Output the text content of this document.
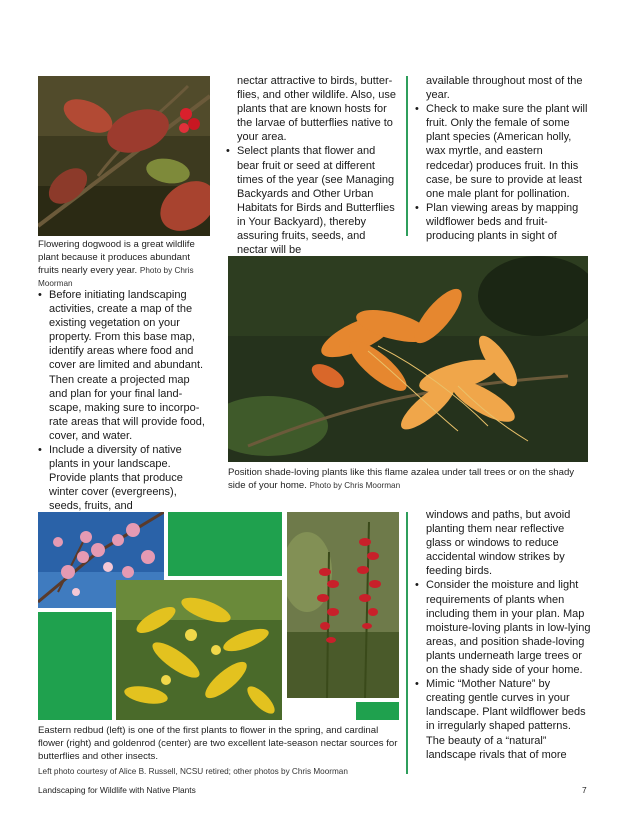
Flowering dogwood is a great wildlife plant because it produces abundant fruits nearly every year. Photo by Chris Moorman
• Before initiating landscaping activities, create a map of the existing vegetation on your property. From this base map, identify areas where food and cover are limited and abundant. Then create a projected map and plan for your final land-scape, making sure to incorpo-rate areas that will provide food, cover, and water.
• Include a diversity of native plants in your landscape. Provide plants that produce winter cover (evergreens), seeds, fruits, and

nectar attractive to birds, butter-flies, and other wildlife. Also, use plants that are known hosts for the larvae of butterflies native to your area.

• Select plants that flower and bear fruit or seed at different times of the year (see Managing Backyards and Other Urban Habitats for Birds and Butterflies in Your Backyard), thereby assuring fruits, seeds, and nectar will be

available throughout most of the year.

• Check to make sure the plant will fruit. Only the female of some plant species (American holly, wax myrtle, and eastern redcedar) produces fruit. In this case, be sure to provide at least one male plant for pollination.
• Plan viewing areas by mapping wildflower beds and fruit-producing plants in sight of
Position shade-loving plants like this flame azalea under tall trees or on the shady side of your home. Photo by Chris Moorman
Eastern redbud (left) is one of the first plants to flower in the spring, and cardinal flower (right) and goldenrod (center) are two excellent late-season nectar sources for butterflies and other insects.
Left photo courtesy of Alice B. Russell, NCSU retired; other photos by Chris Moorman

windows and paths, but avoid planting them near reflective glass or windows to reduce accidental window strikes by feeding birds.

• Consider the moisture and light requirements of plants when including them in your plan. Map moisture-loving plants in low-lying areas, and position shade-loving plants underneath large trees or on the shady side of your home.
• Mimic “Mother Nature” by creating gentle curves in your landscape. Plant wildflower beds in irregularly shaped patterns. The beauty of a “natural” landscape rivals that of more
Landscaping for Wildlife with Native Plants	7
